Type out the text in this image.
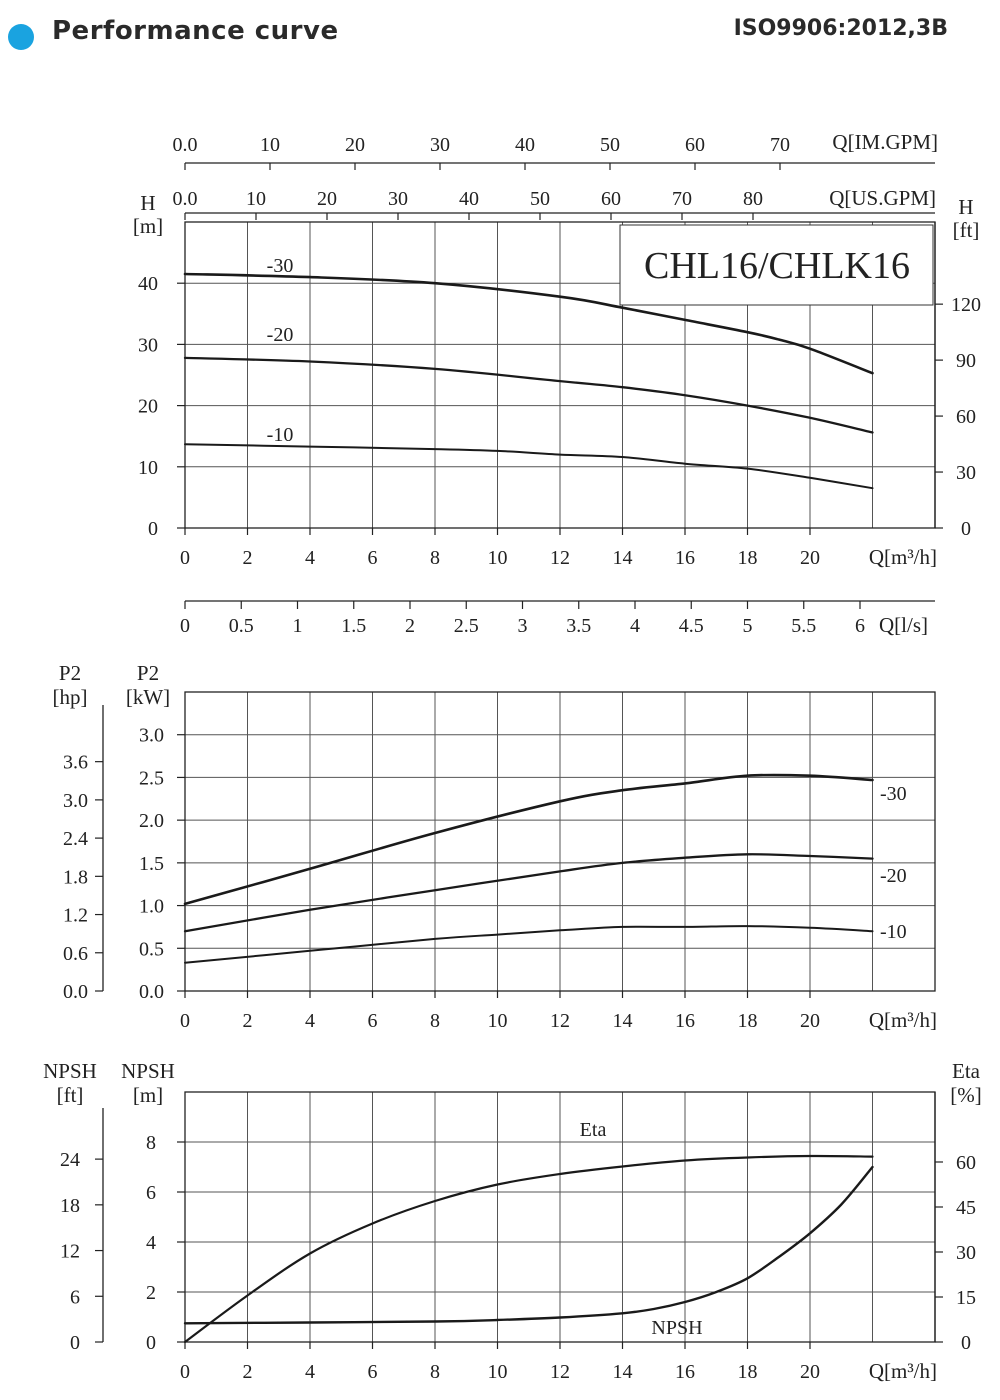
Performance curve	ISO9906:2012,3B
CHL16/CHLK16
0.0	10	20	30	40	50	60	70 Q[IM.GPM]
0.0 10	20	30	40	50	60	70	80	Q[US.GPM]
H
[m]
0
10
20
30
40
H
[ft]
0
30
60
90
120
0	2	4	6	8 10 12 14 16 18 20 Q[m³/h]
0 0.5 1 1.5 2 2.5 3 3.5 4 4.5 5 5.5 6 Q[l/s]
-30
-20
-10
P2
[kW]
0.0
0.5
1.0
1.5
2.0
2.5
3.0
P2
[hp]
0.0
0.6
1.2
1.8
2.4
3.0
3.6
0	2	4	6	8 10 12 14 16 18 20 Q[m³/h]
-30
-20
-10
NPSH
[m]
0
2
4
6
8
NPSH
[ft]
0
6
12
18
24
Eta
[%]
0
15
30
45
60
0	2	4	6	8 10 12 14 16 18 20 Q[m³/h]
Eta
NPSH
